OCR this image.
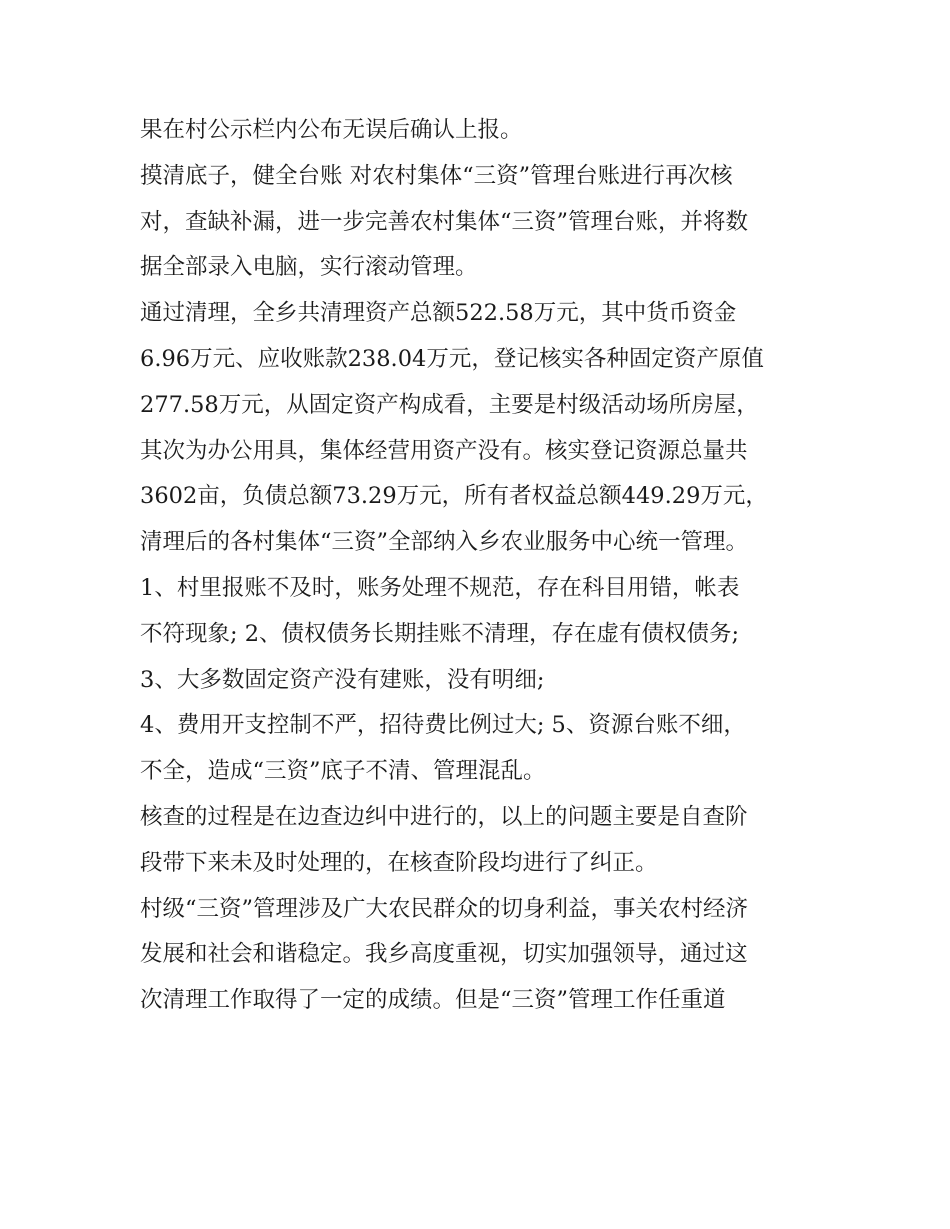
果在村公示栏内公布无误后确认上报。

摸清底子，健全台账 对农村集体“三资”管理台账进行再次核

对，查缺补漏，进一步完善农村集体“三资”管理台账，并将数

据全部录入电脑，实行滚动管理。

通过清理，全乡共清理资产总额522.58万元，其中货币资金

6.96万元、应收账款238.04万元，登记核实各种固定资产原值

277.58万元，从固定资产构成看，主要是村级活动场所房屋，

其次为办公用具，集体经营用资产没有。核实登记资源总量共

3602亩，负债总额73.29万元，所有者权益总额449.29万元，

清理后的各村集体“三资”全部纳入乡农业服务中心统一管理。

1、村里报账不及时，账务处理不规范，存在科目用错，帐表

不符现象; 2、债权债务长期挂账不清理，存在虚有债权债务;

3、大多数固定资产没有建账，没有明细;

4、费用开支控制不严，招待费比例过大; 5、资源台账不细，

不全，造成“三资”底子不清、管理混乱。

核查的过程是在边查边纠中进行的，以上的问题主要是自查阶

段带下来未及时处理的，在核查阶段均进行了纠正。

村级“三资”管理涉及广大农民群众的切身利益，事关农村经济

发展和社会和谐稳定。我乡高度重视，切实加强领导，通过这

次清理工作取得了一定的成绩。但是“三资”管理工作任重道
